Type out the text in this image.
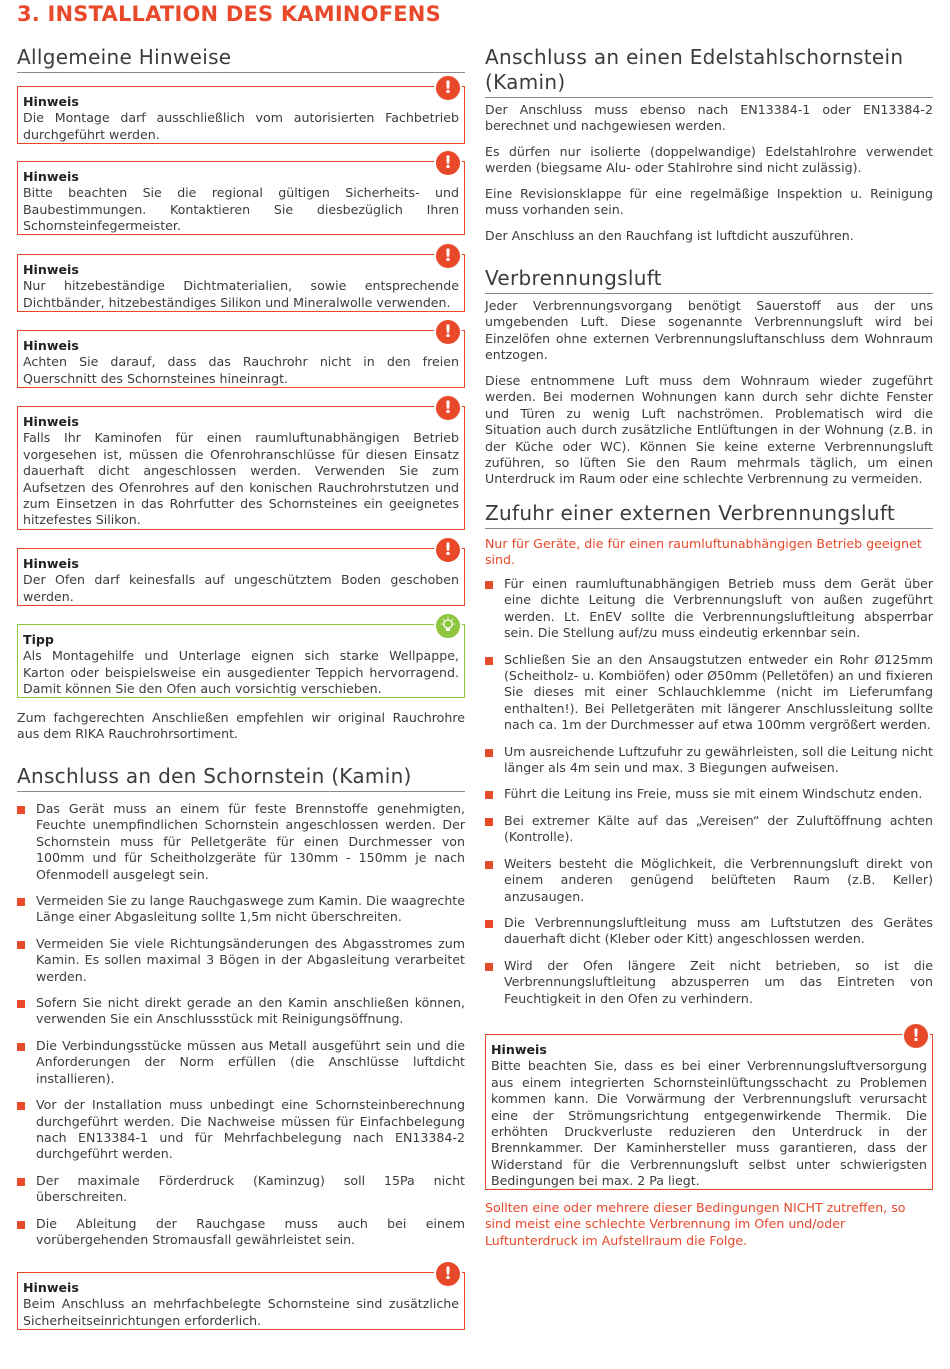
3. INSTALLATION DES KAMINOFENS
Allgemeine Hinweise
!
Hinweis
Die Montage darf ausschließlich vom autorisierten Fachbetrieb durchgeführt werden.
!
Hinweis
Bitte beachten Sie die regional gültigen Sicherheits- und Baubestimmungen. Kontaktieren Sie diesbezüglich Ihren Schornsteinfegermeister.
!
Hinweis
Nur hitzebeständige Dichtmaterialien, sowie entsprechende Dichtbänder, hitzebeständiges Silikon und Mineralwolle verwenden.
!
Hinweis
Achten Sie darauf, dass das Rauchrohr nicht in den freien Querschnitt des Schornsteines hineinragt.
!
Hinweis
Falls Ihr Kaminofen für einen raumluftunabhängigen Betrieb vorgesehen ist, müssen die Ofenrohranschlüsse für diesen Einsatz dauerhaft dicht angeschlossen werden. Verwenden Sie zum Aufsetzen des Ofenrohres auf den konischen Rauchrohrstutzen und zum Einsetzen in das Rohrfutter des Schornsteines ein geeignetes hitzefestes Silikon.
!
Hinweis
Der Ofen darf keinesfalls auf ungeschütztem Boden geschoben werden.
Tipp
Als Montagehilfe und Unterlage eignen sich starke Wellpappe, Karton oder beispielsweise ein ausgedienter Teppich hervorragend. Damit können Sie den Ofen auch vorsichtig verschieben.

Zum fachgerechten Anschließen empfehlen wir original Rauchrohre aus dem RIKA Rauchrohrsortiment.

Anschluss an den Schornstein (Kamin)
Das Gerät muss an einem für feste Brennstoffe genehmigten, Feuchte unempfindlichen Schornstein angeschlossen werden. Der Schornstein muss für Pelletgeräte für einen Durchmesser von 100mm und für Scheitholzgeräte für 130mm - 150mm je nach Ofenmodell ausgelegt sein.
Vermeiden Sie zu lange Rauchgaswege zum Kamin. Die waagrechte Länge einer Abgasleitung sollte 1,5m nicht überschreiten.
Vermeiden Sie viele Richtungsänderungen des Abgasstromes zum Kamin. Es sollen maximal 3 Bögen in der Abgasleitung verarbeitet werden.
Sofern Sie nicht direkt gerade an den Kamin anschließen können, verwenden Sie ein Anschlussstück mit Reinigungsöffnung.
Die Verbindungsstücke müssen aus Metall ausgeführt sein und die Anforderungen der Norm erfüllen (die Anschlüsse luftdicht installieren).
Vor der Installation muss unbedingt eine Schornsteinberechnung durchgeführt werden. Die Nachweise müssen für Einfachbelegung nach EN13384-1 und für Mehrfachbelegung nach EN13384-2 durchgeführt werden.
Der maximale Förderdruck (Kaminzug) soll 15Pa nicht überschreiten.
Die Ableitung der Rauchgase muss auch bei einem vorübergehenden Stromausfall gewährleistet sein.
!
Hinweis
Beim Anschluss an mehrfachbelegte Schornsteine sind zusätzliche Sicherheitseinrichtungen erforderlich.
Anschluss an einen Edelstahlschornstein (Kamin)

Der Anschluss muss ebenso nach EN13384-1 oder EN13384-2 berechnet und nachgewiesen werden.

Es dürfen nur isolierte (doppelwandige) Edelstahlrohre verwendet werden (biegsame Alu- oder Stahlrohre sind nicht zulässig).

Eine Revisionsklappe für eine regelmäßige Inspektion u. Reinigung muss vorhanden sein.

Der Anschluss an den Rauchfang ist luftdicht auszuführen.

Verbrennungsluft

Jeder Verbrennungsvorgang benötigt Sauerstoff aus der uns umgebenden Luft. Diese sogenannte Verbrennungsluft wird bei Einzelöfen ohne externen Verbrennungsluftanschluss dem Wohnraum entzogen.

Diese entnommene Luft muss dem Wohnraum wieder zugeführt werden. Bei modernen Wohnungen kann durch sehr dichte Fenster und Türen zu wenig Luft nachströmen. Problematisch wird die Situation auch durch zusätzliche Entlüftungen in der Wohnung (z.B. in der Küche oder WC). Können Sie keine externe Verbrennungsluft zuführen, so lüften Sie den Raum mehrmals täglich, um einen Unterdruck im Raum oder eine schlechte Verbrennung zu vermeiden.

Zufuhr einer externen Verbrennungsluft

Nur für Geräte, die für einen raumluftunabhängigen Betrieb geeignet sind.

Für einen raumluftunabhängigen Betrieb muss dem Gerät über eine dichte Leitung die Verbrennungsluft von außen zugeführt werden. Lt. EnEV sollte die Verbrennungsluftleitung absperrbar sein. Die Stellung auf/zu muss eindeutig erkennbar sein.
Schließen Sie an den Ansaugstutzen entweder ein Rohr Ø125mm (Scheitholz- u. Kombiöfen) oder Ø50mm (Pelletöfen) an und fixieren Sie dieses mit einer Schlauchklemme (nicht im Lieferumfang enthalten!). Bei Pelletgeräten mit längerer Anschlussleitung sollte nach ca. 1m der Durchmesser auf etwa 100mm vergrößert werden.
Um ausreichende Luftzufuhr zu gewährleisten, soll die Leitung nicht länger als 4m sein und max. 3 Biegungen aufweisen.
Führt die Leitung ins Freie, muss sie mit einem Windschutz enden.
Bei extremer Kälte auf das „Vereisen“ der Zuluftöffnung achten (Kontrolle).
Weiters besteht die Möglichkeit, die Verbrennungsluft direkt von einem anderen genügend belüfteten Raum (z.B. Keller) anzusaugen.
Die Verbrennungsluftleitung muss am Luftstutzen des Gerätes dauerhaft dicht (Kleber oder Kitt) angeschlossen werden.
Wird der Ofen längere Zeit nicht betrieben, so ist die Verbrennungsluftleitung abzusperren um das Eintreten von Feuchtigkeit in den Ofen zu verhindern.
!
Hinweis
Bitte beachten Sie, dass es bei einer Verbrennungsluftversorgung aus einem integrierten Schornsteinlüftungsschacht zu Problemen kommen kann. Die Vorwärmung der Verbrennungsluft verursacht eine der Strömungsrichtung entgegenwirkende Thermik. Die erhöhten Druckverluste reduzieren den Unterdruck in der Brennkammer. Der Kaminhersteller muss garantieren, dass der Widerstand für die Verbrennungsluft selbst unter schwierigsten Bedingungen bei max. 2 Pa liegt.

Sollten eine oder mehrere dieser Bedingungen NICHT zutreffen, so sind meist eine schlechte Verbrennung im Ofen und/oder Luftunterdruck im Aufstellraum die Folge.
